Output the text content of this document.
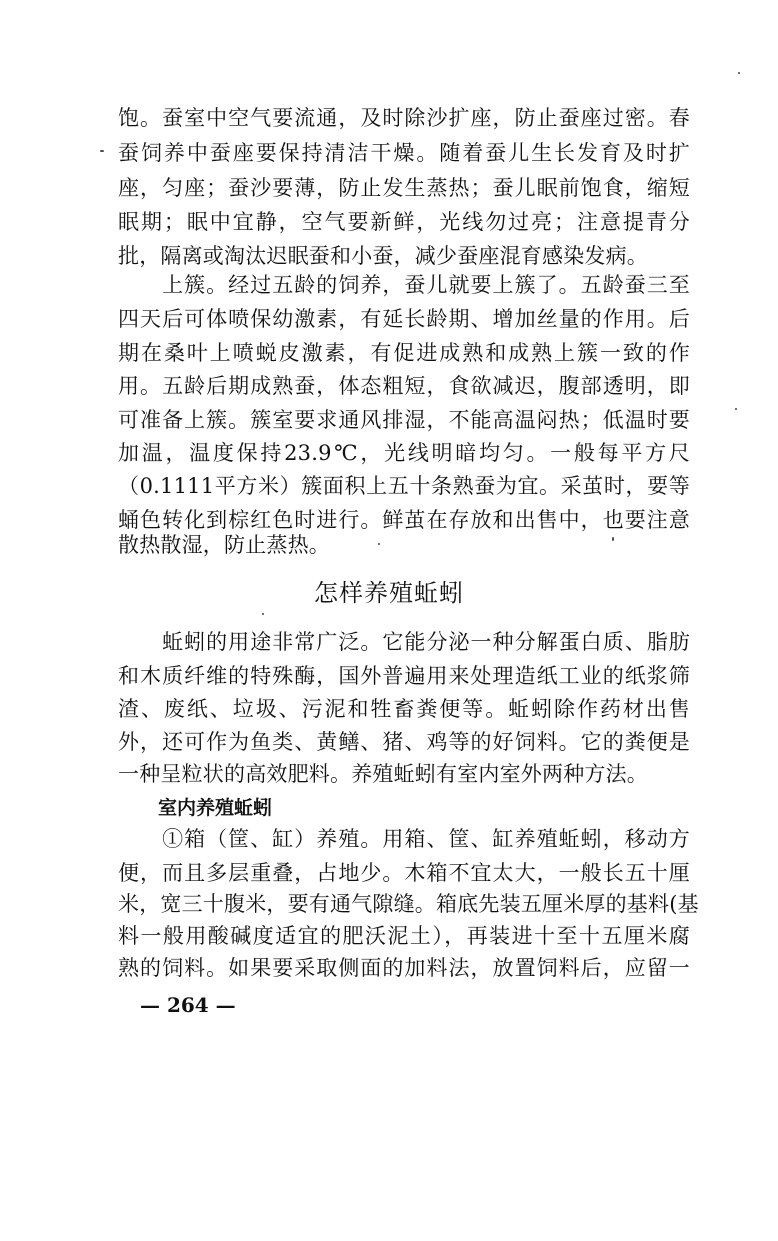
饱。蚕室中空气要流通，及时除沙扩座，防止蚕座过密。春
蚕饲养中蚕座要保持清洁干燥。随着蚕儿生长发育及时扩
座，匀座；蚕沙要薄，防止发生蒸热；蚕儿眠前饱食，缩短
眠期；眠中宜静，空气要新鲜，光线勿过亮；注意提青分
批，隔离或淘汰迟眠蚕和小蚕，减少蚕座混育感染发病。
　　上簇。经过五龄的饲养，蚕儿就要上簇了。五龄蚕三至
四天后可体喷保幼激素，有延长龄期、增加丝量的作用。后
期在桑叶上喷蜕皮激素，有促进成熟和成熟上簇一致的作
用。五龄后期成熟蚕，体态粗短，食欲减迟，腹部透明，即
可准备上簇。簇室要求通风排湿，不能高温闷热；低温时要
加温，温度保持23.9℃，光线明暗均匀。一般每平方尺
（0.1111平方米）簇面积上五十条熟蚕为宜。采茧时，要等
蛹色转化到棕红色时进行。鲜茧在存放和出售中，也要注意
散热散湿，防止蒸热。
怎样养殖蚯蚓
　　蚯蚓的用途非常广泛。它能分泌一种分解蛋白质、脂肪
和木质纤维的特殊酶，国外普遍用来处理造纸工业的纸浆筛
渣、废纸、垃圾、污泥和牲畜粪便等。蚯蚓除作药材出售
外，还可作为鱼类、黄鳝、猪、鸡等的好饲料。它的粪便是
一种呈粒状的高效肥料。养殖蚯蚓有室内室外两种方法。
室内养殖蚯蚓
　　①箱（筐、缸）养殖。用箱、筐、缸养殖蚯蚓，移动方
便，而且多层重叠，占地少。木箱不宜太大，一般长五十厘
米，宽三十腹米，要有通气隙缝。箱底先装五厘米厚的基料(基
料一般用酸碱度适宜的肥沃泥土），再装进十至十五厘米腐
熟的饲料。如果要采取侧面的加料法，放置饲料后，应留一
— 264 —
